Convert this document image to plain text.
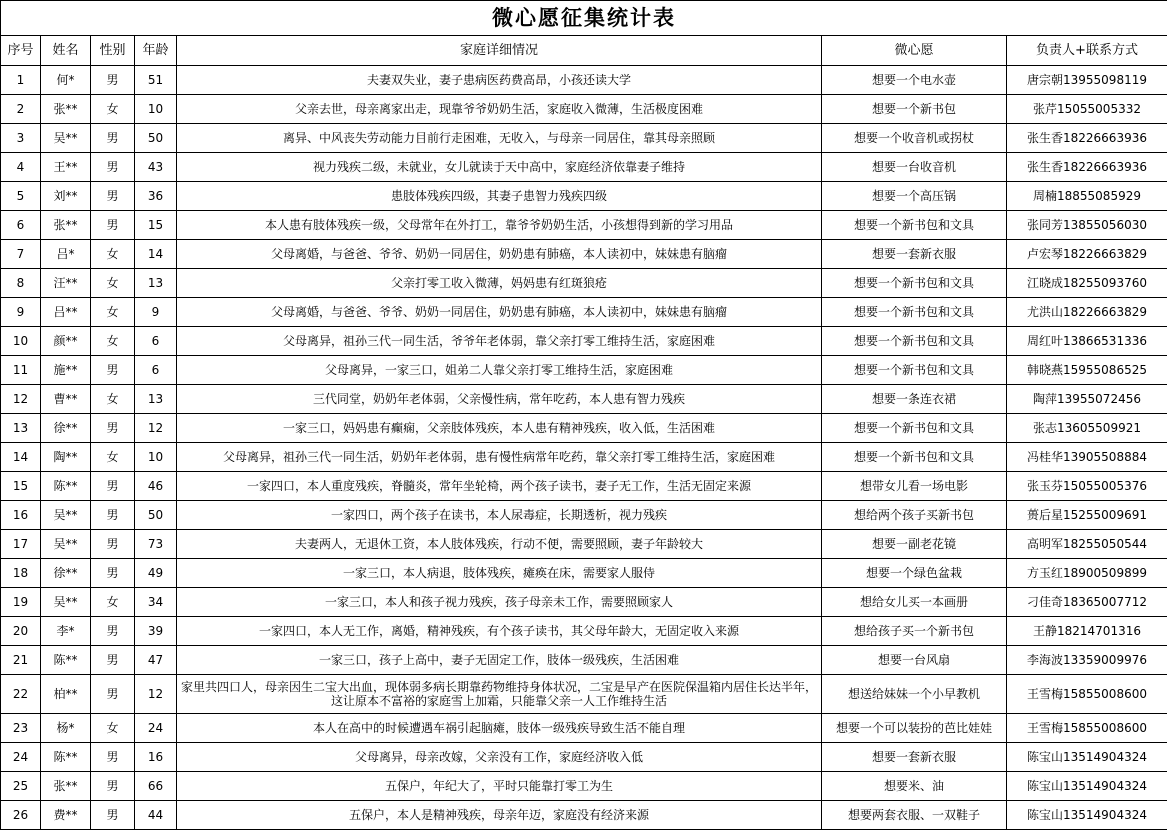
微心愿征集统计表						
序号	姓名	性别	年龄	家庭详细情况	微心愿	负责人+联系方式
1	何*	男	51	夫妻双失业，妻子患病医药费高昂，小孩还读大学	想要一个电水壶	唐宗朝13955098119
2	张**	女	10	父亲去世，母亲离家出走，现靠爷爷奶奶生活，家庭收入微薄，生活极度困难	想要一个新书包	张芹15055005332
3	吴**	男	50	离异、中风丧失劳动能力目前行走困难，无收入，与母亲一同居住，靠其母亲照顾	想要一个收音机或拐杖	张生香18226663936
4	王**	男	43	视力残疾二级，未就业，女儿就读于天中高中，家庭经济依靠妻子维持	想要一台收音机	张生香18226663936
5	刘**	男	36	患肢体残疾四级，其妻子患智力残疾四级	想要一个高压锅	周楠18855085929
6	张**	男	15	本人患有肢体残疾一级，父母常年在外打工，靠爷爷奶奶生活，小孩想得到新的学习用品	想要一个新书包和文具	张同芳13855056030
7	吕*	女	14	父母离婚，与爸爸、爷爷、奶奶一同居住，奶奶患有肺癌，本人读初中，妹妹患有脑瘤	想要一套新衣服	卢宏琴18226663829
8	汪**	女	13	父亲打零工收入微薄，妈妈患有红斑狼疮	想要一个新书包和文具	江晓成18255093760
9	吕**	女	9	父母离婚，与爸爸、爷爷、奶奶一同居住，奶奶患有肺癌，本人读初中，妹妹患有脑瘤	想要一个新书包和文具	尤洪山18226663829
10	颜**	女	6	父母离异，祖孙三代一同生活，爷爷年老体弱，靠父亲打零工维持生活，家庭困难	想要一个新书包和文具	周红叶13866531336
11	施**	男	6	父母离异，一家三口，姐弟二人靠父亲打零工维持生活，家庭困难	想要一个新书包和文具	韩晓燕15955086525
12	曹**	女	13	三代同堂，奶奶年老体弱，父亲慢性病，常年吃药，本人患有智力残疾	想要一条连衣裙	陶萍13955072456
13	徐**	男	12	一家三口，妈妈患有癫痫，父亲肢体残疾，本人患有精神残疾，收入低，生活困难	想要一个新书包和文具	张志13605509921
14	陶**	女	10	父母离异，祖孙三代一同生活，奶奶年老体弱，患有慢性病常年吃药，靠父亲打零工维持生活，家庭困难	想要一个新书包和文具	冯桂华13905508884
15	陈**	男	46	一家四口，本人重度残疾，脊髓炎，常年坐轮椅，两个孩子读书，妻子无工作，生活无固定来源	想带女儿看一场电影	张玉芬15055005376
16	吴**	男	50	一家四口，两个孩子在读书，本人尿毒症，长期透析，视力残疾	想给两个孩子买新书包	蒉后星15255009691
17	吴**	男	73	夫妻两人，无退休工资，本人肢体残疾，行动不便，需要照顾，妻子年龄较大	想要一副老花镜	高明军18255050544
18	徐**	男	49	一家三口，本人病退，肢体残疾，瘫痪在床，需要家人服侍	想要一个绿色盆栽	方玉红18900509899
19	吴**	女	34	一家三口，本人和孩子视力残疾，孩子母亲未工作，需要照顾家人	想给女儿买一本画册	刁佳奇18365007712
20	李*	男	39	一家四口，本人无工作，离婚，精神残疾，有个孩子读书，其父母年龄大，无固定收入来源	想给孩子买一个新书包	王静18214701316
21	陈**	男	47	一家三口，孩子上高中，妻子无固定工作，肢体一级残疾，生活困难	想要一台风扇	李海波13359009976
22	柏**	男	12	家里共四口人，母亲因生二宝大出血，现体弱多病长期靠药物维持身体状况，二宝是早产在医院保温箱内居住长达半年，这让原本不富裕的家庭雪上加霜，只能靠父亲一人工作维持生活	想送给妹妹一个小早教机	王雪梅15855008600
23	杨*	女	24	本人在高中的时候遭遇车祸引起脑瘫，肢体一级残疾导致生活不能自理	想要一个可以装扮的芭比娃娃	王雪梅15855008600
24	陈**	男	16	父母离异，母亲改嫁，父亲没有工作，家庭经济收入低	想要一套新衣服	陈宝山13514904324
25	张**	男	66	五保户，年纪大了，平时只能靠打零工为生	想要米、油	陈宝山13514904324
26	费**	男	44	五保户，本人是精神残疾，母亲年迈，家庭没有经济来源	想要两套衣服、一双鞋子	陈宝山13514904324
